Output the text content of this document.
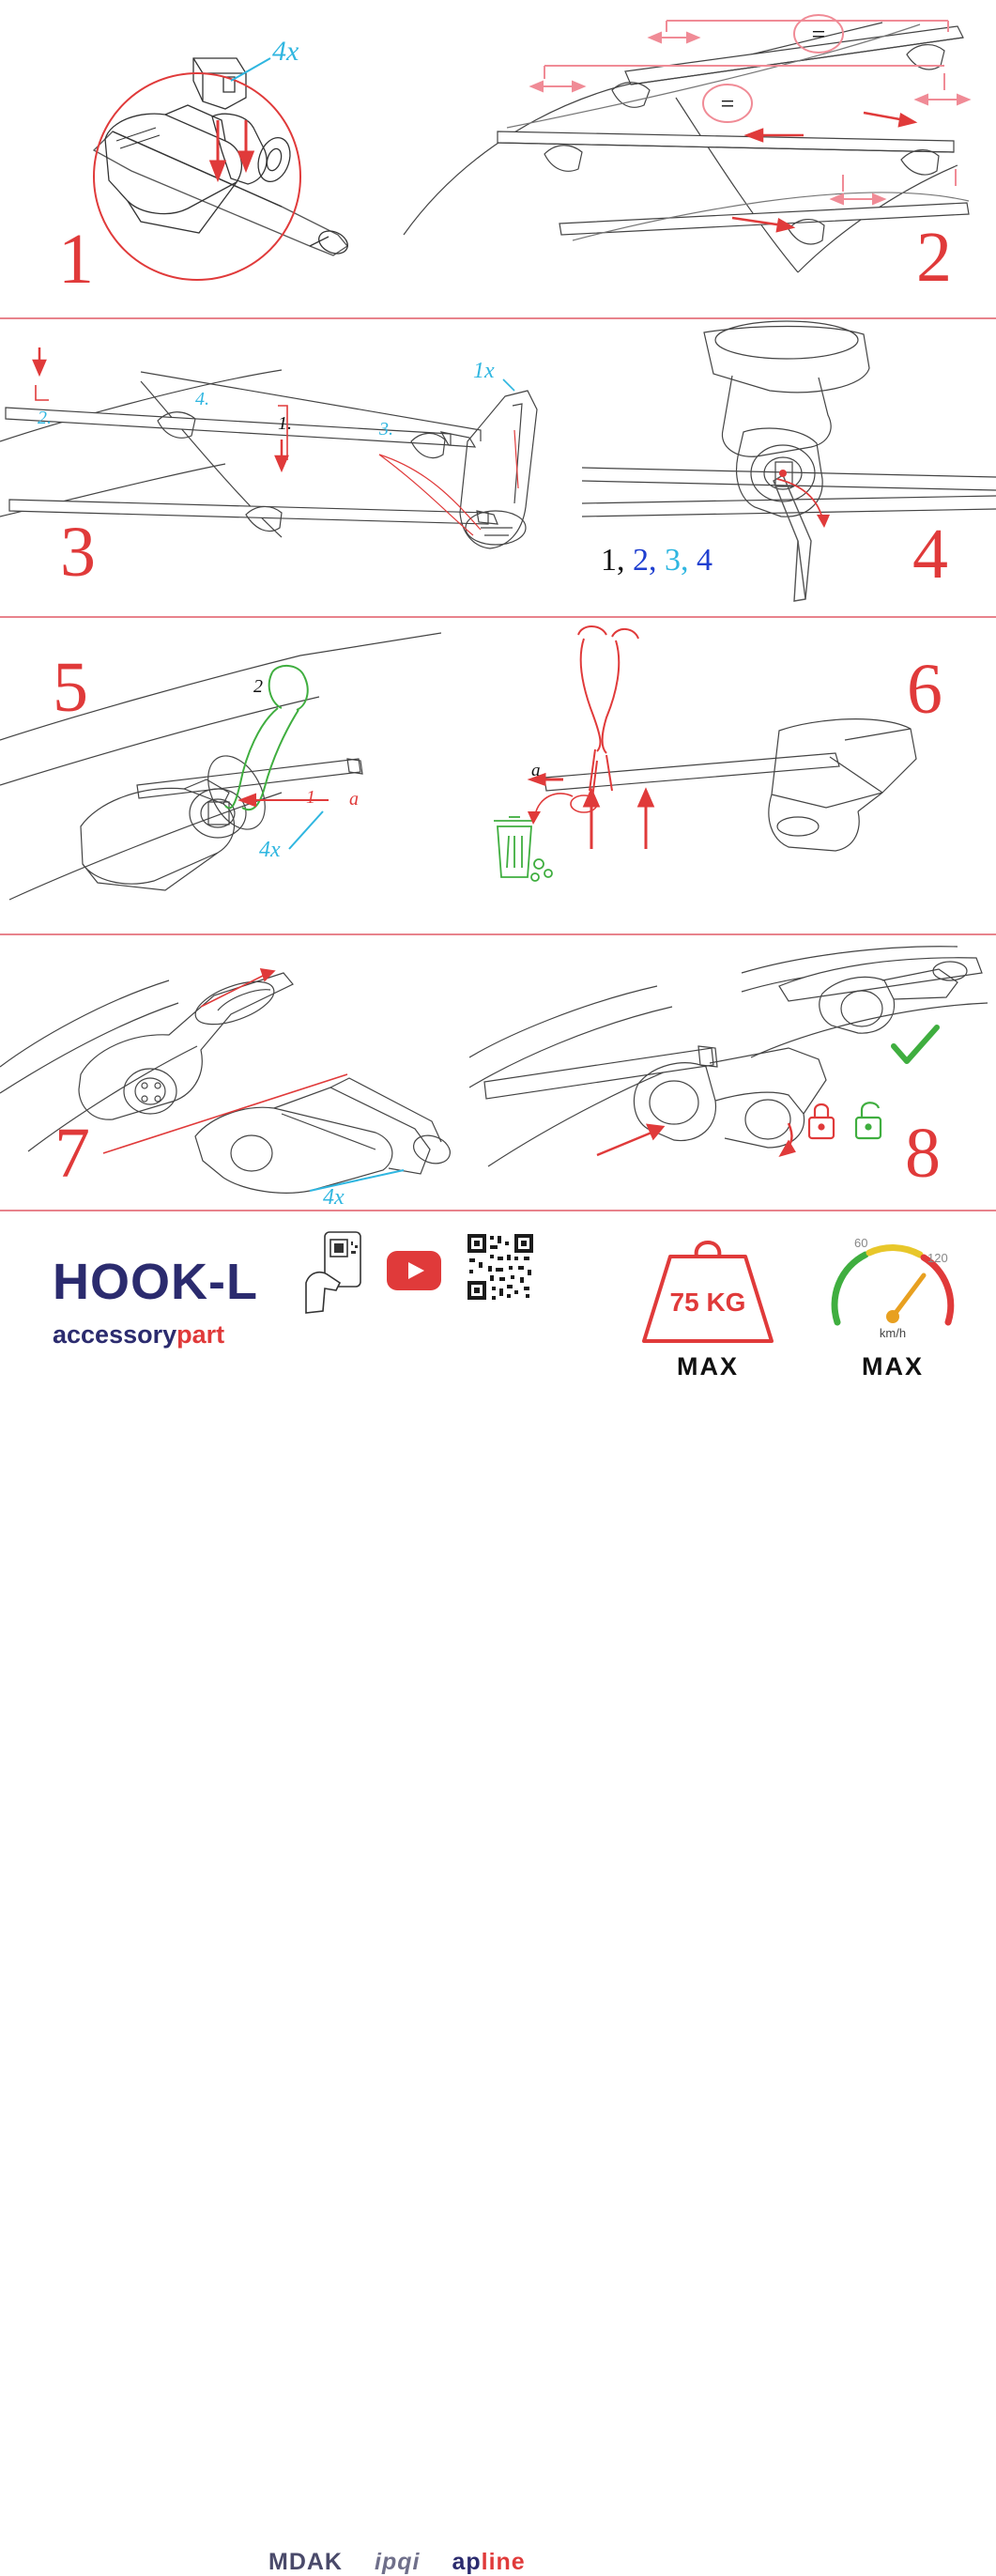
4x
1
=
=
2
1x
1.
2.
3.
4.
3	1, 2, 3, 4	4
5	2
1 a
4x
6
a
7
4x
8
HOOK-L
accessorypart
MDAK ipqi apline
75 KG
MAX
60
120
km/h
MAX
